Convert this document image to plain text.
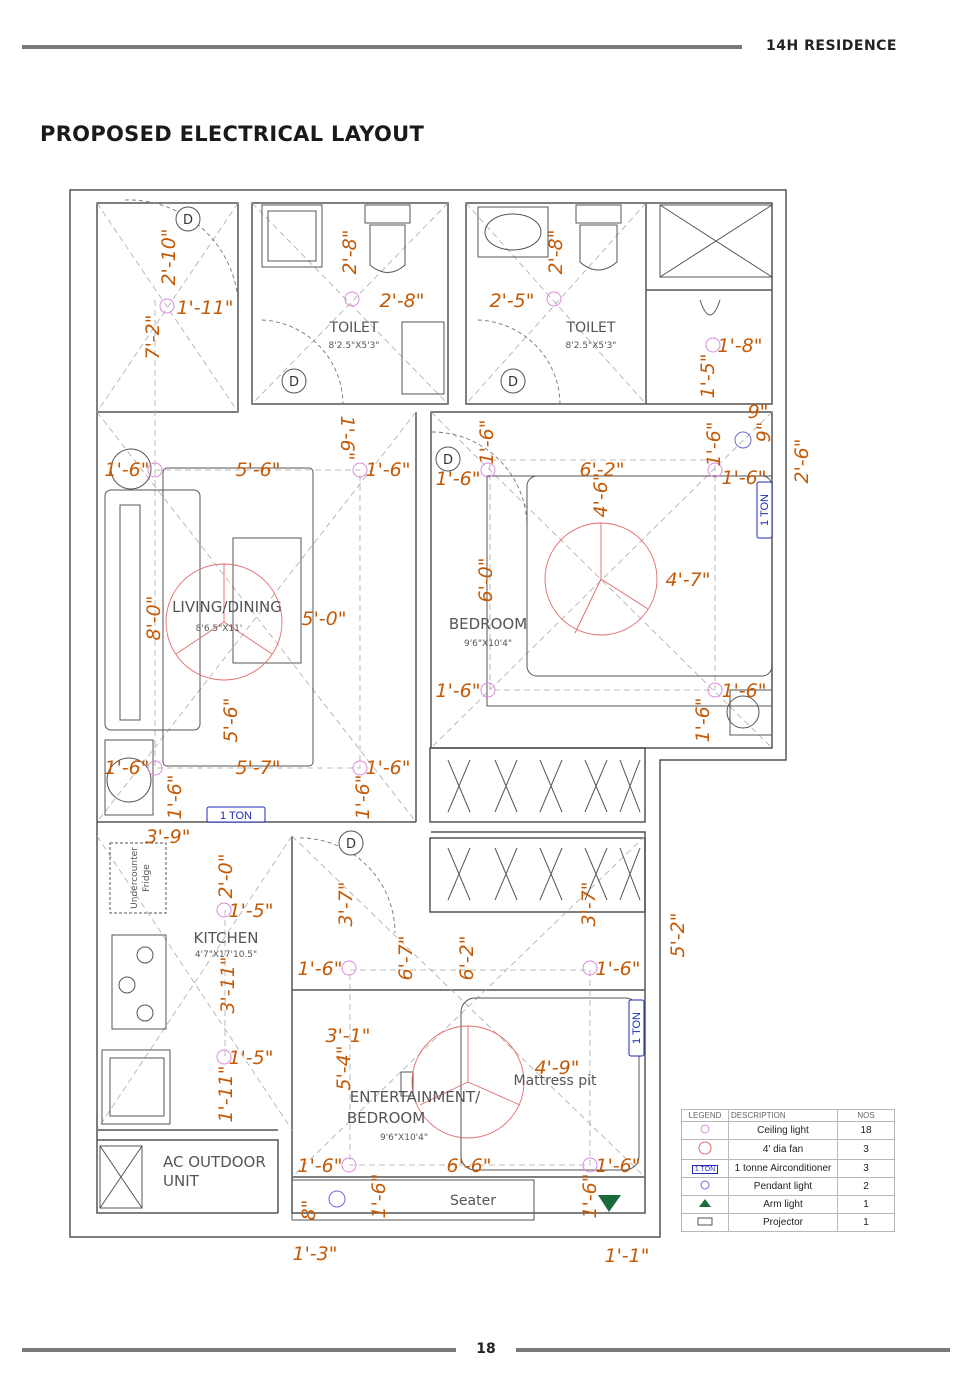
14H RESIDENCE
PROPOSED ELECTRICAL LAYOUT
D
D	D
D
D
1 TON
1 TON
1 TON
TOILET
8'2.5"X5'3"
TOILET
8'2.5"X5'3"
LIVING/DINING
8'6.5"X11'	BEDROOM
9'6"X10'4"
KITCHEN
4'7"X17'10.5"
ENTERTAINMENT/
BEDROOM
9'6"X10'4"
Mattress pit
AC OUTDOOR
UNIT
Seater
Undercounter Fridge
2'-10"
1'-11"
7'-2"
2'-8"
2'-8"	2'-5"
2'-8"
1'-5"
1'-8"
9"
9"
1'-6"	2'-6"
1'-6"	5'-6"	1'-6" 1'-6"
1'-6"	1'-6"
6'-2"
4'-6"	1'-6"
8'-0"	5'-0"
6'-0"	4'-7"
1'-6"	1'-6"
5'-6"	1'-6"
1'-6"	5'-7"	1'-6"
1'-6"	1'-6"
3'-9"
2'-0"
1'-5"	3'-7"	3'-7"
5'-2"
3'-11"	1'-6"	6'-7" 6'-2"	1'-6"
3'-1"
1'-5"	5'-4"	4'-9"
1'-11"
1'-6"	6'-6"	1'-6"
8"	1'-6"	1'-6"
1'-3"	1'-1"
LEGEND	DESCRIPTION	NOS
	Ceiling light	18
	4' dia fan	3
1 TON	1 tonne Airconditioner	3
	Pendant light	2
	Arm light	1
	Projector	1
18
